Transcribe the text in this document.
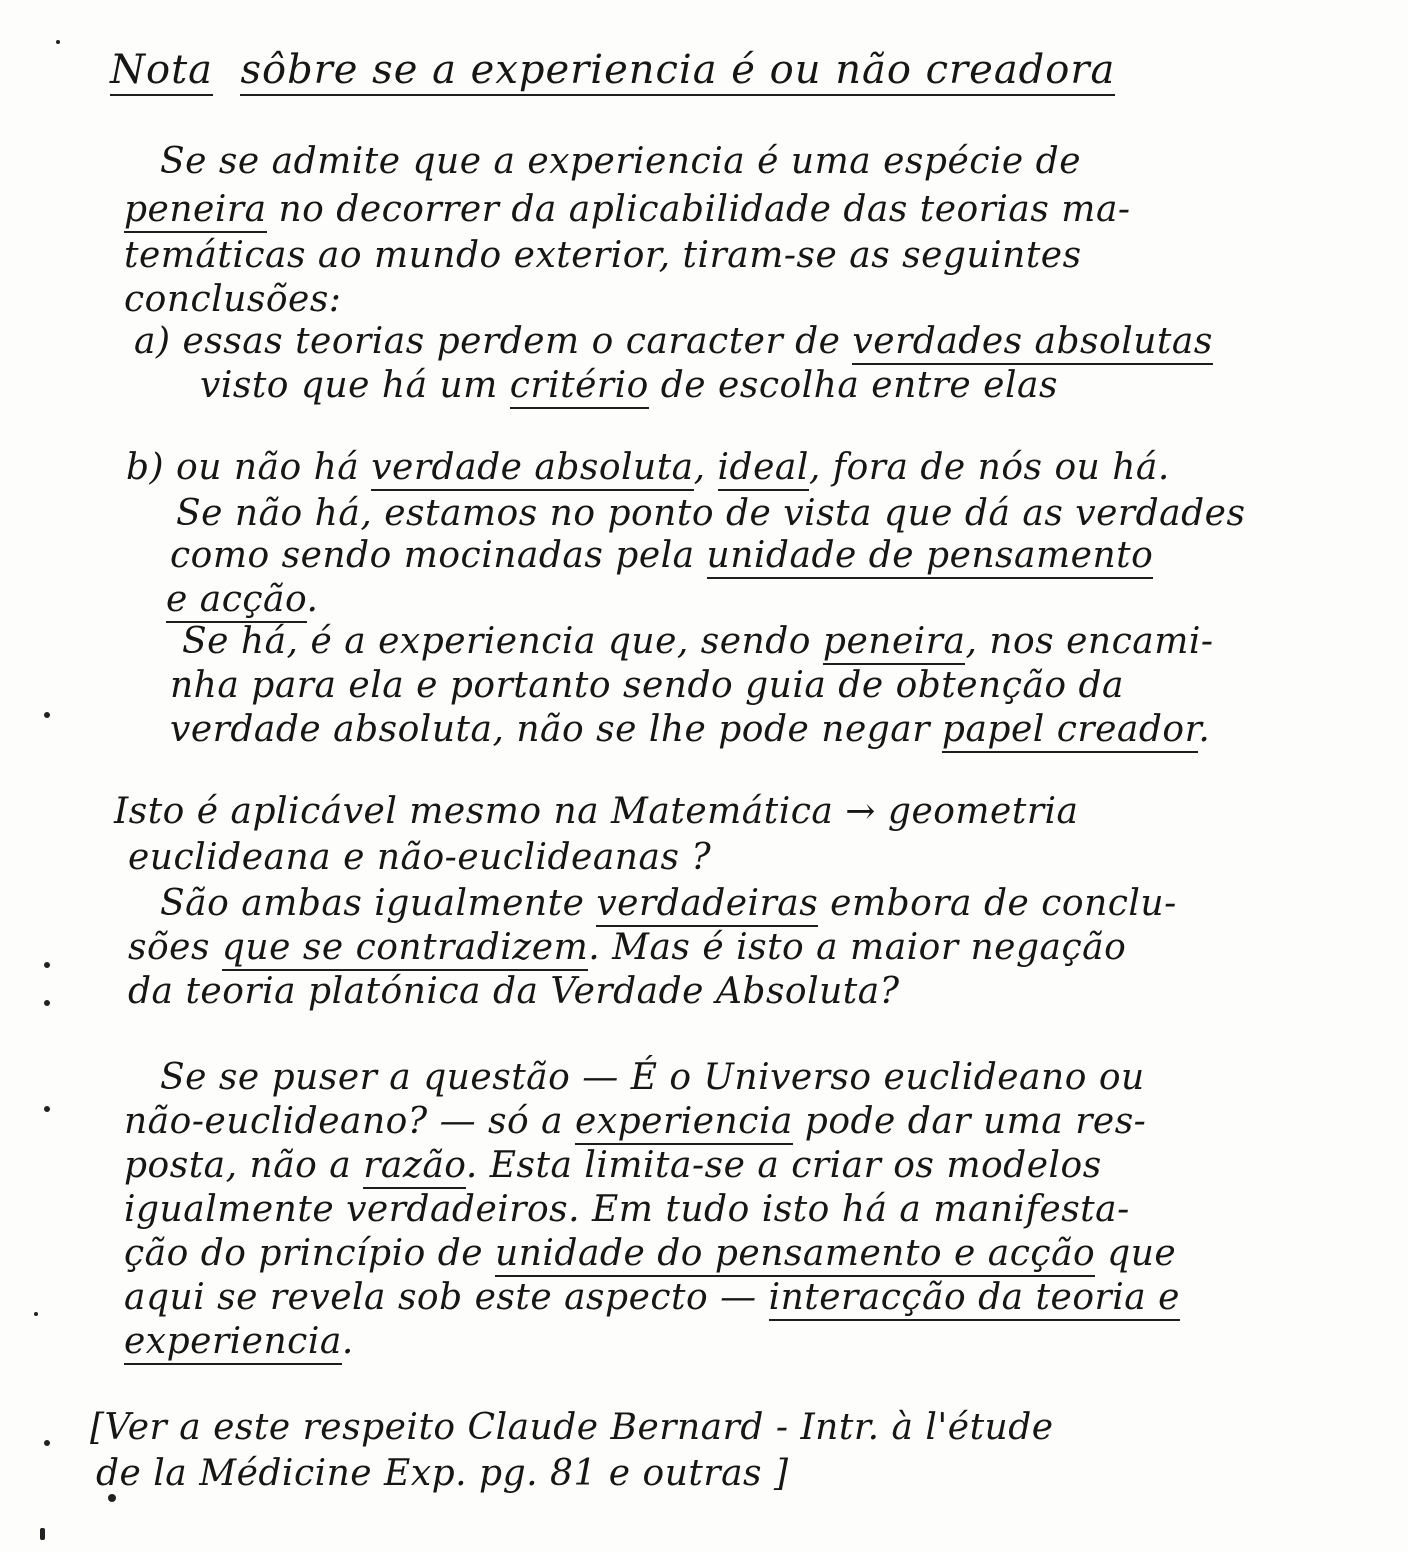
Nota sôbre se a experiencia é ou não creadora
Se se admite que a experiencia é uma espécie de
peneira no decorrer da aplicabilidade das teorias ma-
temáticas ao mundo exterior, tiram-se as seguintes
conclusões:
a) essas teorias perdem o caracter de verdades absolutas
visto que há um critério de escolha entre elas
b) ou não há verdade absoluta, ideal, fora de nós ou há.
Se não há, estamos no ponto de vista que dá as verdades
como sendo mocinadas pela unidade de pensamento
e acção.
Se há, é a experiencia que, sendo peneira, nos encami-
nha para ela e portanto sendo guia de obtenção da
verdade absoluta, não se lhe pode negar papel creador.
Isto é aplicável mesmo na Matemática → geometria
euclideana e não-euclideanas ?
São ambas igualmente verdadeiras embora de conclu-
sões que se contradizem. Mas é isto a maior negação
da teoria platónica da Verdade Absoluta?
Se se puser a questão — É o Universo euclideano ou
não-euclideano? — só a experiencia pode dar uma res-
posta, não a razão. Esta limita-se a criar os modelos
igualmente verdadeiros. Em tudo isto há a manifesta-
ção do princípio de unidade do pensamento e acção que
aqui se revela sob este aspecto — interacção da teoria e
experiencia.
[Ver a este respeito Claude Bernard - Intr. à l'étude
de la Médicine Exp. pg. 81 e outras ]
